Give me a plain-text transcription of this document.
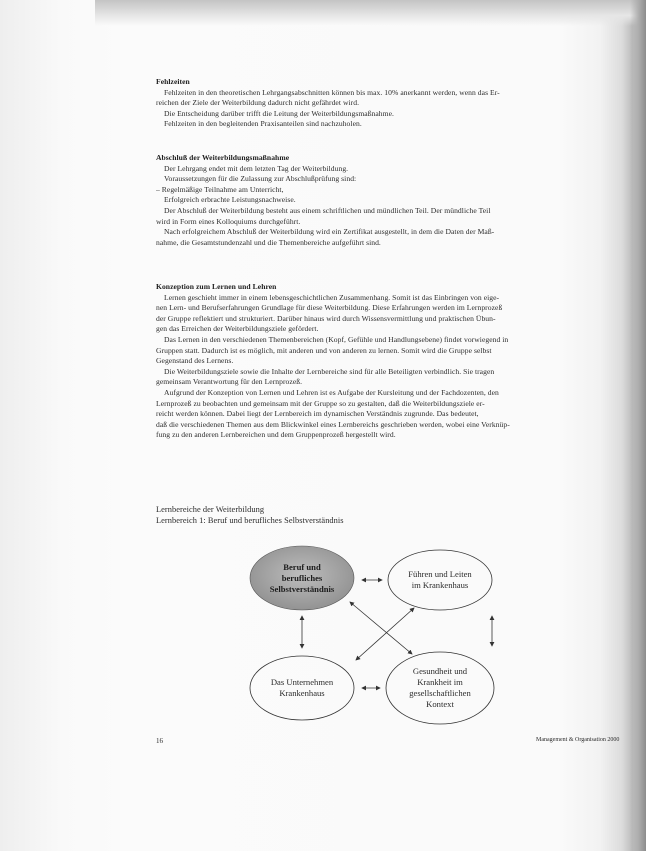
Fehlzeiten

Fehlzeiten in den theoretischen Lehrgangsabschnitten können bis max. 10% anerkannt werden, wenn das Er-

reichen der Ziele der Weiterbildung dadurch nicht gefährdet wird.

Die Entscheidung darüber trifft die Leitung der Weiterbildungsmaßnahme.

Fehlzeiten in den begleitenden Praxisanteilen sind nachzuholen.

Abschluß der Weiterbildungsmaßnahme

Der Lehrgang endet mit dem letzten Tag der Weiterbildung.

Voraussetzungen für die Zulassung zur Abschlußprüfung sind:

– Regelmäßige Teilnahme am Unterricht,

Erfolgreich erbrachte Leistungsnachweise.

Der Abschluß der Weiterbildung besteht aus einem schriftlichen und mündlichen Teil. Der mündliche Teil

wird in Form eines Kolloquiums durchgeführt.

Nach erfolgreichem Abschluß der Weiterbildung wird ein Zertifikat ausgestellt, in dem die Daten der Maß-

nahme, die Gesamtstundenzahl und die Themenbereiche aufgeführt sind.

Konzeption zum Lernen und Lehren

Lernen geschieht immer in einem lebensgeschichtlichen Zusammenhang. Somit ist das Einbringen von eige-

nen Lern- und Berufserfahrungen Grundlage für diese Weiterbildung. Diese Erfahrungen werden im Lernprozeß

der Gruppe reflektiert und strukturiert. Darüber hinaus wird durch Wissensvermittlung und praktischen Übun-

gen das Erreichen der Weiterbildungsziele gefördert.

Das Lernen in den verschiedenen Themenbereichen (Kopf, Gefühle und Handlungsebene) findet vorwiegend in

Gruppen statt. Dadurch ist es möglich, mit anderen und von anderen zu lernen. Somit wird die Gruppe selbst

Gegenstand des Lernens.

Die Weiterbildungsziele sowie die Inhalte der Lernbereiche sind für alle Beteiligten verbindlich. Sie tragen

gemeinsam Verantwortung für den Lernprozeß.

Aufgrund der Konzeption von Lernen und Lehren ist es Aufgabe der Kursleitung und der Fachdozenten, den

Lernprozeß zu beobachten und gemeinsam mit der Gruppe so zu gestalten, daß die Weiterbildungsziele er-

reicht werden können. Dabei liegt der Lernbereich im dynamischen Verständnis zugrunde. Das bedeutet,

daß die verschiedenen Themen aus dem Blickwinkel eines Lernbereichs geschrieben werden, wobei eine Verknüp-

fung zu den anderen Lernbereichen und dem Gruppenprozeß hergestellt wird.

Lernbereiche der Weiterbildung

Lernbereich 1: Beruf und berufliches Selbstverständnis

Beruf und
berufliches
Selbstverständnis
Führen und Leiten
im Krankenhaus
Das Unternehmen
Krankenhaus
Gesundheit und
Krankheit im
gesellschaftlichen
Kontext
16	Management & Organisation 2000
